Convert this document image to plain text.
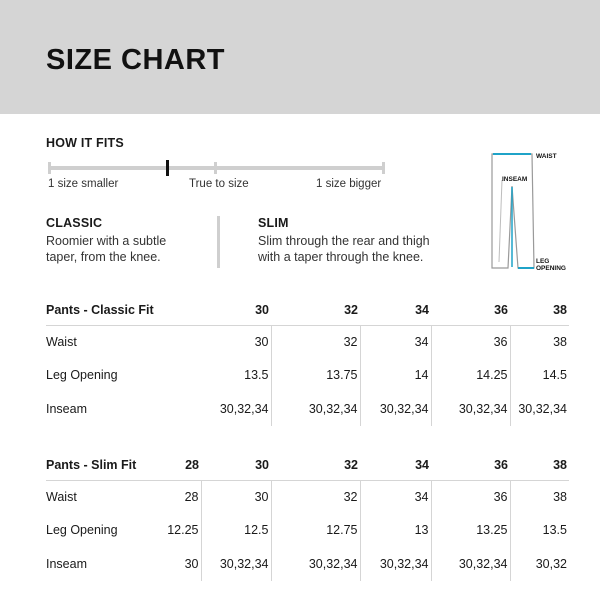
SIZE CHART
HOW IT FITS
1 size smaller	True to size	1 size bigger
CLASSIC
Roomier with a subtle
taper, from the knee.
SLIM
Slim through the rear and thigh
with a taper through the knee.
WAIST
INSEAM
LEG
OPENING
Pants - Classic Fit	30	32	34	36	38
Waist	30	32	34	36	38
Leg Opening	13.5	13.75	14	14.25	14.5
Inseam	30,32,34	30,32,34	30,32,34	30,32,34	30,32,34
Pants - Slim Fit	28	30	32	34	36	38
Waist	28	30	32	34	36	38
Leg Opening	12.25	12.5	12.75	13	13.25	13.5
Inseam	30	30,32,34	30,32,34	30,32,34	30,32,34	30,32
